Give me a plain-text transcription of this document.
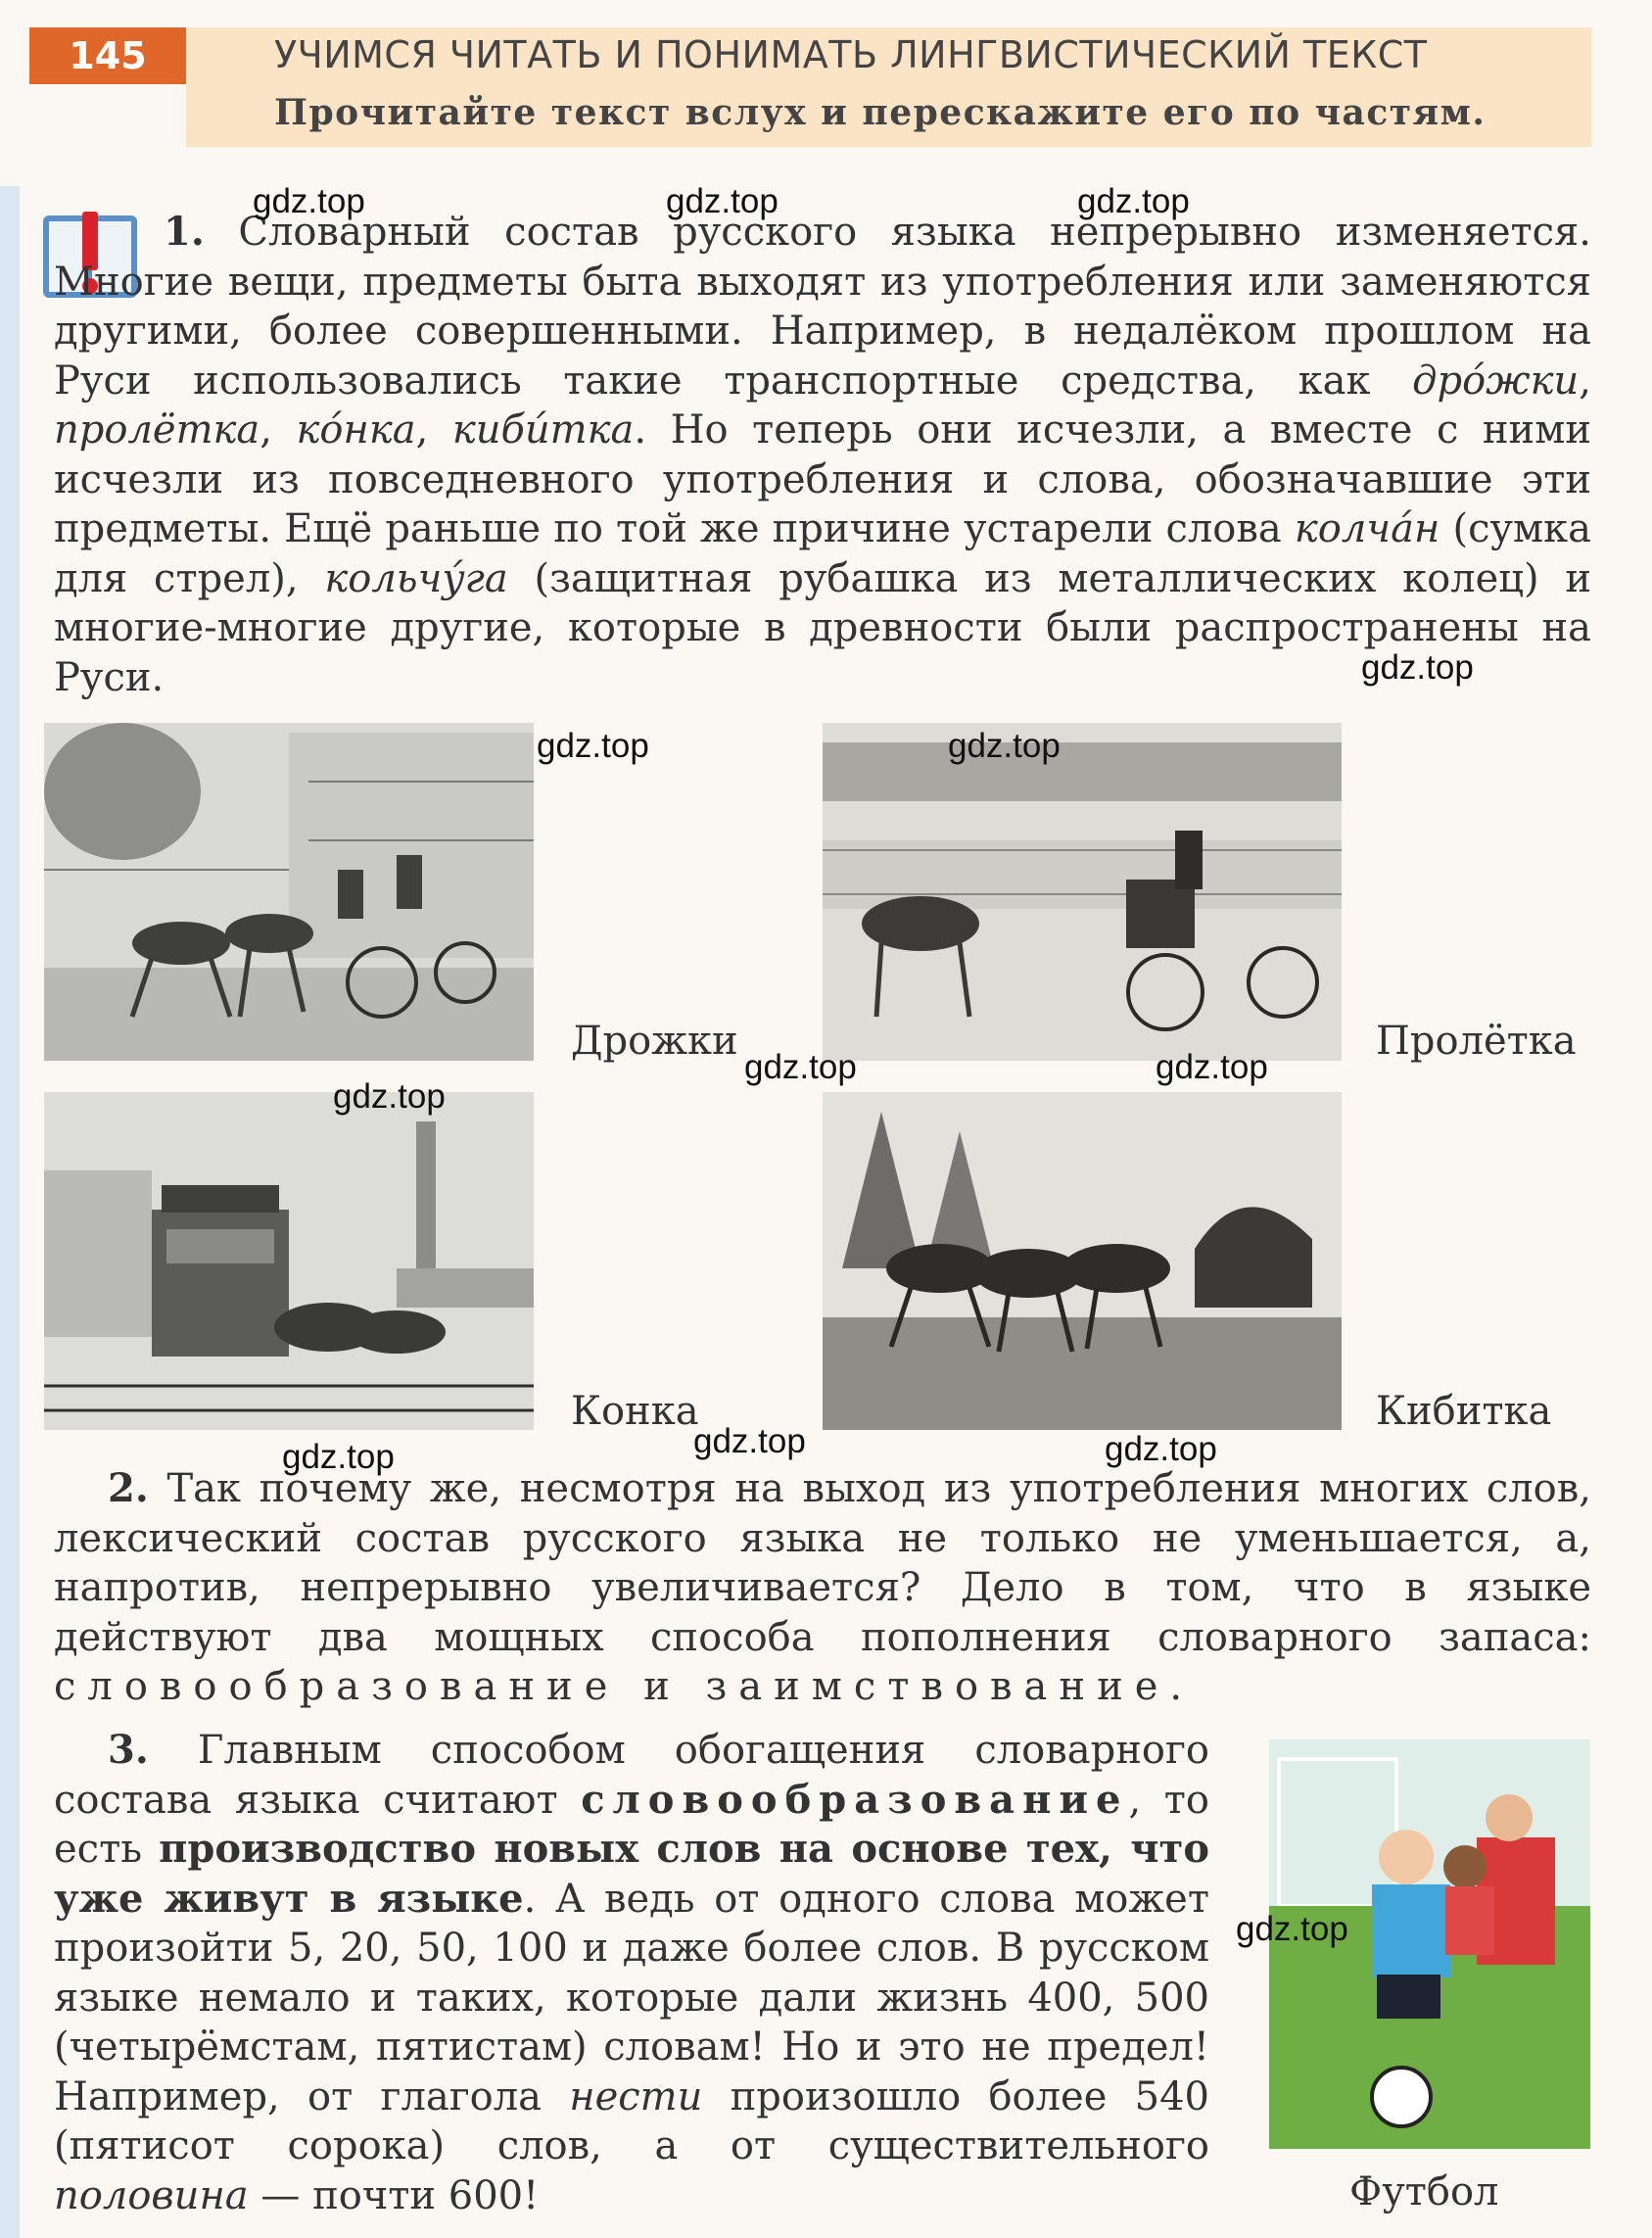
145	УЧИМСЯ ЧИТАТЬ И ПОНИМАТЬ ЛИНГВИСТИЧЕСКИЙ ТЕКСТ
Прочитайте текст вслух и перескажите его по частям.

1. Словарный состав русского языка непрерывно изменяется. Многие вещи, предметы быта выходят из употребления или заменяются другими, более совершенными. Например, в недалёком прошлом на Руси использовались такие транспортные средства, как дро́жки, пролётка, ко́нка, киби́тка. Но теперь они исчезли, а вместе с ними исчезли из повседневного употребления и слова, обозначавшие эти предметы. Ещё раньше по той же причине устарели слова колча́н (сумка для стрел), кольчу́га (защитная рубашка из металлических колец) и многие-многие другие, которые в древности были распространены на Руси.

Дрожки	Пролётка
Конка	Кибитка

2. Так почему же, несмотря на выход из употребления многих слов, лексический состав русского языка не только не уменьшается, а, напротив, непрерывно увеличивается? Дело в том, что в языке действуют два мощных способа пополнения словарного запаса: словообразование и заимствование.

3. Главным способом обогащения словарного состава языка считают словообразование, то есть производство новых слов на основе тех, что уже живут в языке. А ведь от одного слова может произойти 5, 20, 50, 100 и даже более слов. В русском языке немало и таких, которые дали жизнь 400, 500 (четырёмстам, пятистам) словам! Но и это не предел! Например, от глагола нести произошло более 540 (пятисот сорока) слов, а от существительного половина — почти 600!	Футбол
gdz.top	gdz.top	gdz.top
gdz.top
gdz.top	gdz.top
gdz.top	gdz.top
gdz.top
gdz.top	gdz.top	gdz.top
gdz.top
